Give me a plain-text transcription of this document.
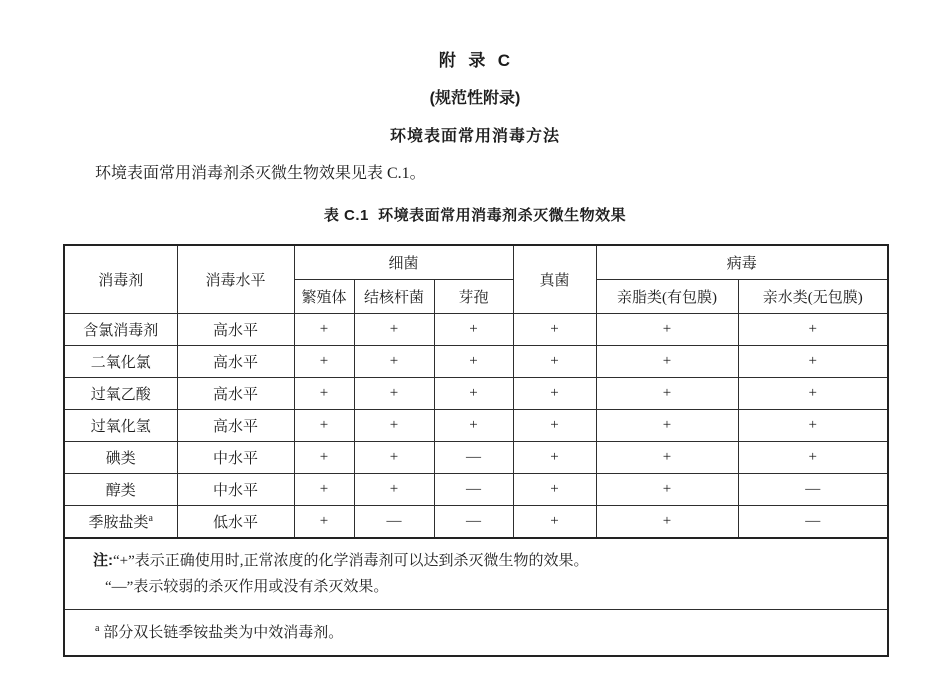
附  录  C
(规范性附录)
环境表面常用消毒方法
环境表面常用消毒剂杀灭微生物效果见表 C.1。
表 C.1  环境表面常用消毒剂杀灭微生物效果
消毒剂	消毒水平	细菌			真菌	病毒	
		繁殖体	结核杆菌	芽孢		亲脂类(有包膜)	亲水类(无包膜)
含氯消毒剂	高水平	+	+	+	+	+	+
二氧化氯	高水平	+	+	+	+	+	+
过氧乙酸	高水平	+	+	+	+	+	+
过氧化氢	高水平	+	+	+	+	+	+
碘类	中水平	+	+	—	+	+	+
醇类	中水平	+	+	—	+	+	—
季胺盐类$^a$	低水平	+	—	—	+	+	—

注:“+”表示正确使用时,正常浓度的化学消毒剂可以达到杀灭微生物的效果。
“—”表示较弱的杀灭作用或没有杀灭效果。							

$^a$ 部分双长链季铵盐类为中效消毒剂。							
